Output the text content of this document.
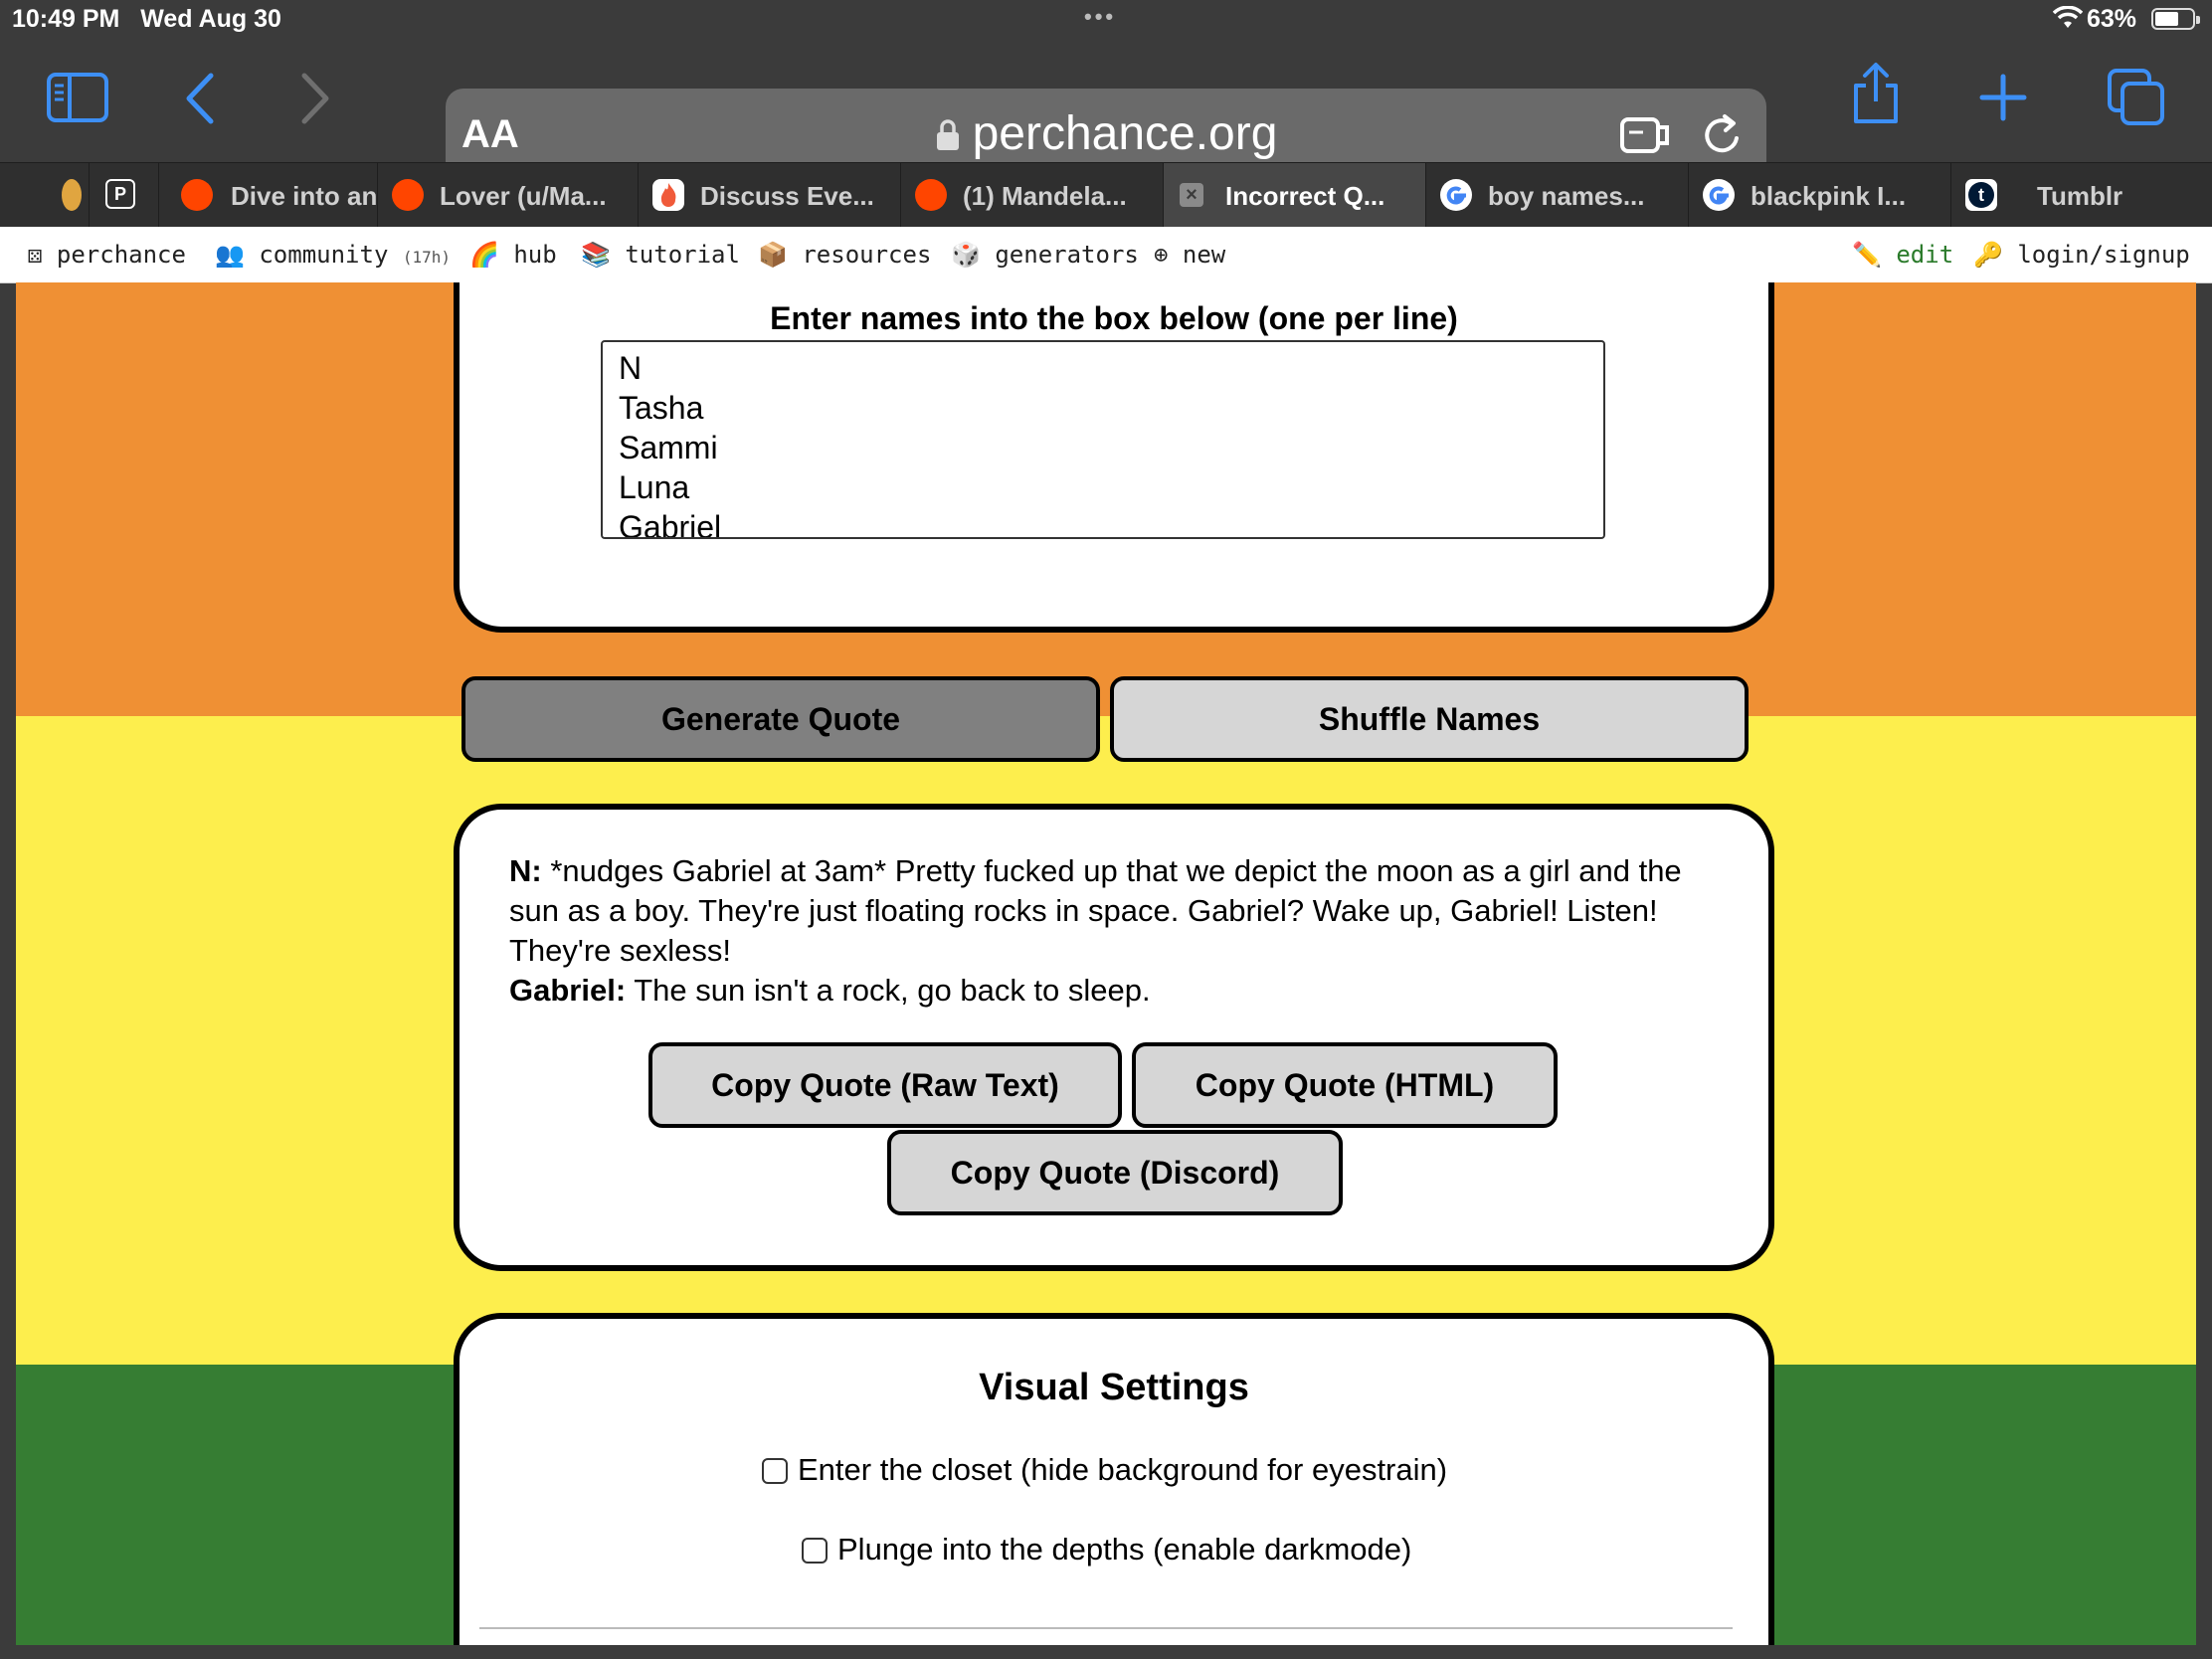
10:49 PM Wed Aug 30	•••	63%
AA	perchance.org
P	Dive into an Lover (u/Ma...	Discuss Eve...	(1) Mandela...	× Incorrect Q...	boy names...	blackpink I...	t	Tumblr
⚄ perchance 👥 community (17h) 🌈 hub 📚 tutorial 📦 resources 🎲 generators ⊕ new	✏️ edit 🔑 login/signup
Enter names into the box below (one per line)
N
Tasha
Sammi
Luna
Gabriel
Generate Quote	Shuffle Names
N: *nudges Gabriel at 3am* Pretty fucked up that we depict the moon as a girl and the sun as a boy. They're just floating rocks in space. Gabriel? Wake up, Gabriel! Listen! They're sexless!
Gabriel: The sun isn't a rock, go back to sleep.
Copy Quote (Raw Text)	Copy Quote (HTML)
Copy Quote (Discord)
Visual Settings
Enter the closet (hide background for eyestrain)
Plunge into the depths (enable darkmode)
